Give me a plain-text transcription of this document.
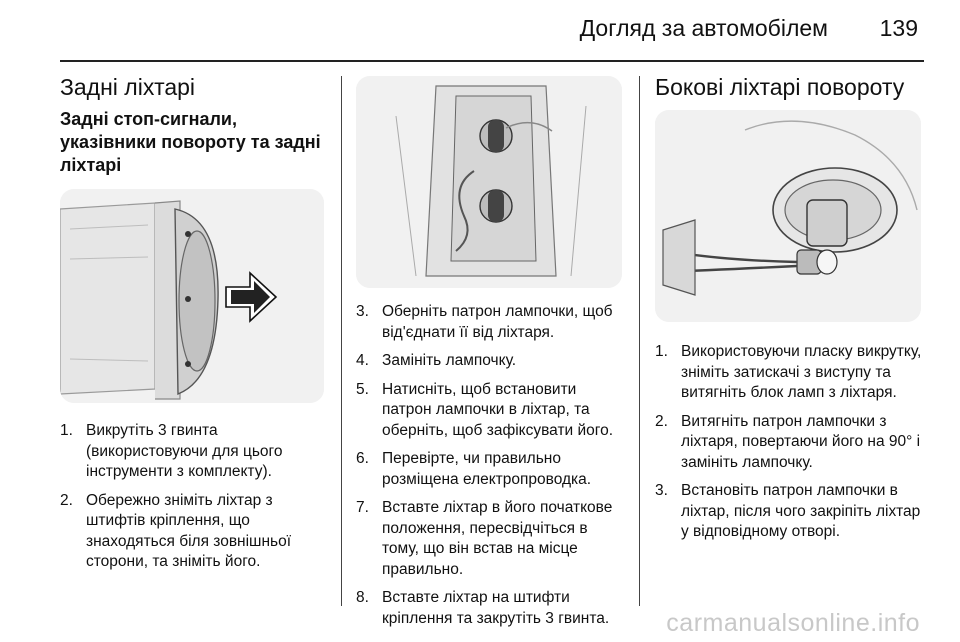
Догляд за автомобілем 139
Задні ліхтарі
Задні стоп-сигнали, указівники повороту та задні ліхтарі
1. Викрутіть 3 гвинта (використовуючи для цього інструменти з комплекту).
2. Обережно зніміть ліхтар з штифтів кріплення, що знаходяться біля зовнішньої сторони, та зніміть його.
3. Оберніть патрон лампочки, щоб від'єднати її від ліхтаря.
4. Замініть лампочку.
5. Натисніть, щоб встановити патрон лампочки в ліхтар, та оберніть, щоб зафіксувати його.
6. Перевірте, чи правильно розміщена електропроводка.
7. Вставте ліхтар в його початкове положення, пересвідчіться в тому, що він встав на місце правильно.
8. Вставте ліхтар на штифти кріплення та закрутіть 3 гвинта.
Бокові ліхтарі повороту
1. Використовуючи пласку викрутку, зніміть затискачі з виступу та витягніть блок ламп з ліхтаря.
2. Витягніть патрон лампочки з ліхтаря, повертаючи його на 90° і замініть лампочку.
3. Встановіть патрон лампочки в ліхтар, після чого закріпіть ліхтар у відповідному отворі.
carmanualsonline.info
